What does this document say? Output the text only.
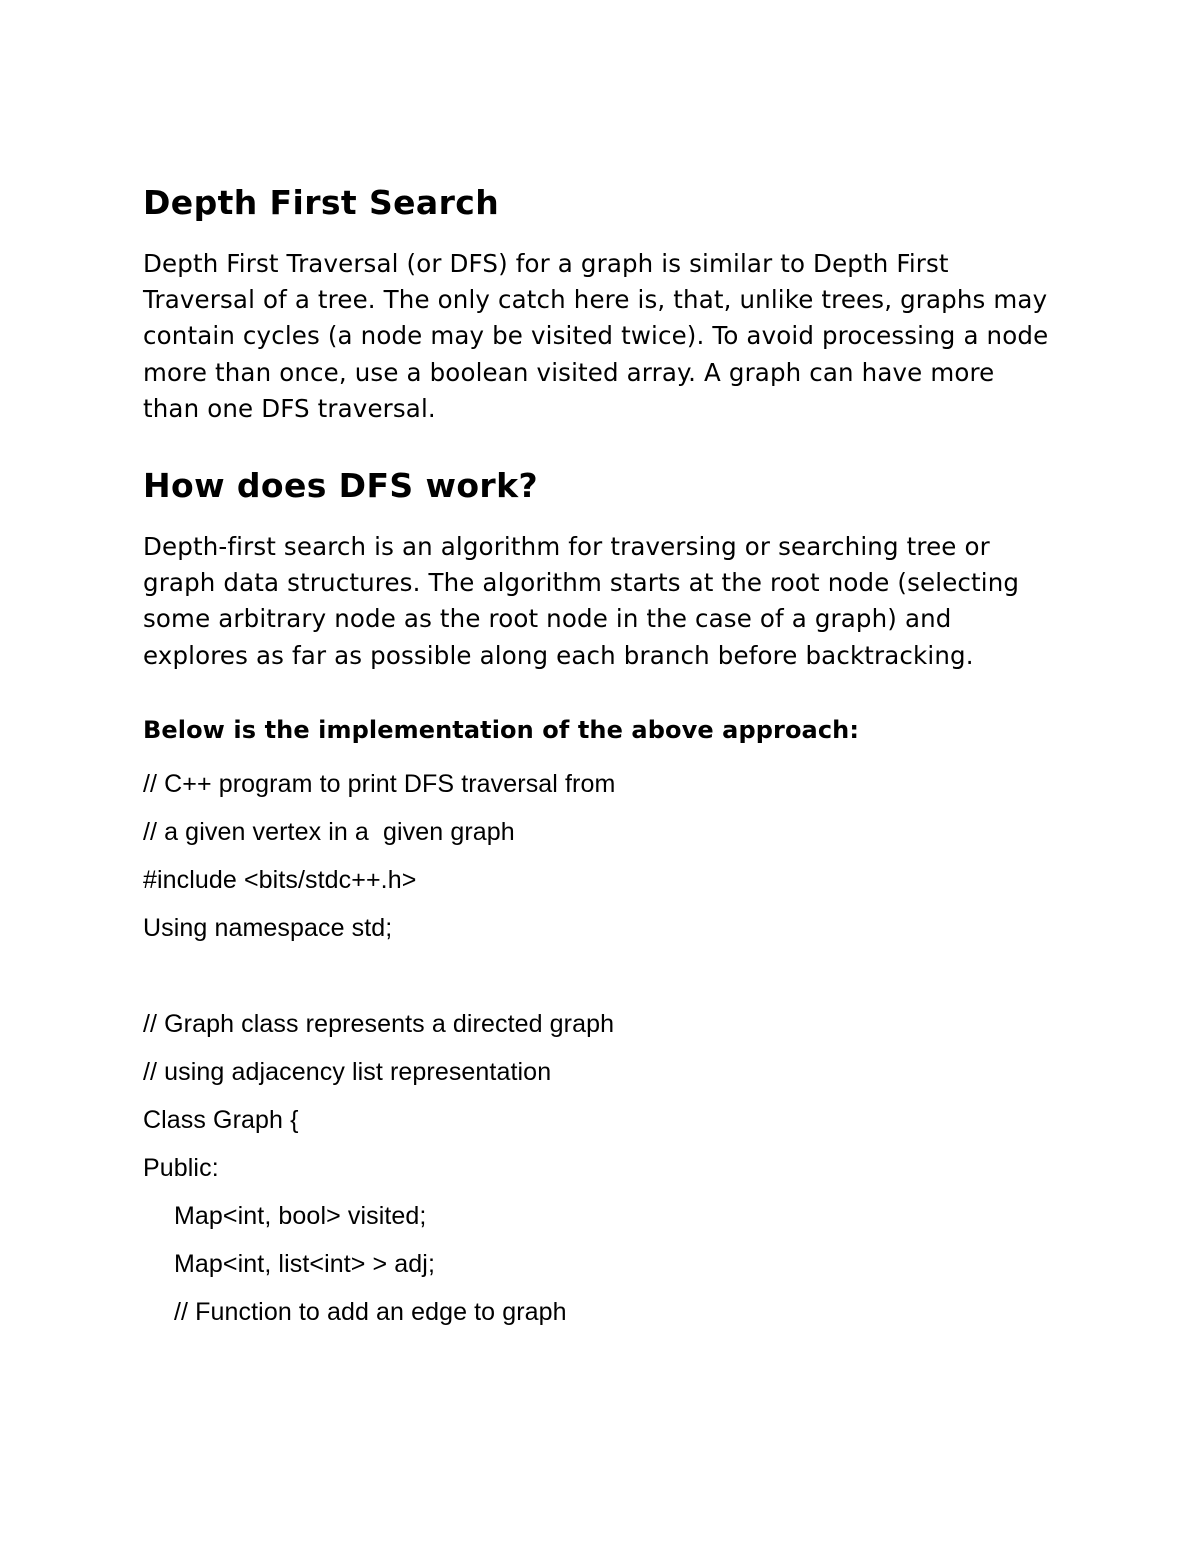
Depth First Search

Depth First Traversal (or DFS) for a graph is similar to Depth First Traversal of a tree. The only catch here is, that, unlike trees, graphs may contain cycles (a node may be visited twice). To avoid processing a node more than once, use a boolean visited array. A graph can have more than one DFS traversal.

How does DFS work?

Depth-first search is an algorithm for traversing or searching tree or graph data structures. The algorithm starts at the root node (selecting some arbitrary node as the root node in the case of a graph) and explores as far as possible along each branch before backtracking.

Below is the implementation of the above approach:

// C++ program to print DFS traversal from
// a given vertex in a  given graph
#include <bits/stdc++.h>
Using namespace std;
// Graph class represents a directed graph
// using adjacency list representation
Class Graph {
Public:
Map<int, bool> visited;
Map<int, list<int> > adj;
// Function to add an edge to graph
